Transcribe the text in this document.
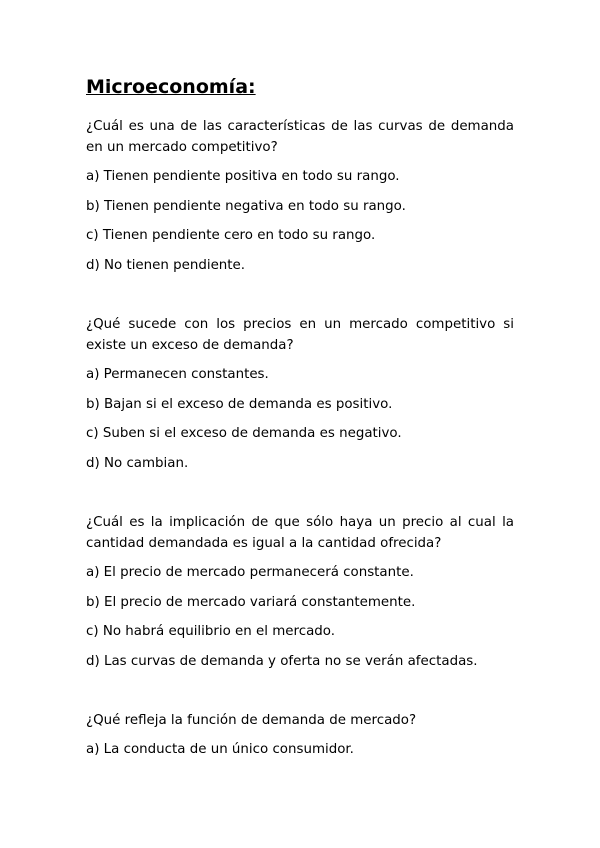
Microeconomía:

¿Cuál es una de las características de las curvas de demanda en un mercado competitivo?

a) Tienen pendiente positiva en todo su rango.

b) Tienen pendiente negativa en todo su rango.

c) Tienen pendiente cero en todo su rango.

d) No tienen pendiente.

¿Qué sucede con los precios en un mercado competitivo si existe un exceso de demanda?

a) Permanecen constantes.

b) Bajan si el exceso de demanda es positivo.

c) Suben si el exceso de demanda es negativo.

d) No cambian.

¿Cuál es la implicación de que sólo haya un precio al cual la cantidad demandada es igual a la cantidad ofrecida?

a) El precio de mercado permanecerá constante.

b) El precio de mercado variará constantemente.

c) No habrá equilibrio en el mercado.

d) Las curvas de demanda y oferta no se verán afectadas.

¿Qué refleja la función de demanda de mercado?

a) La conducta de un único consumidor.
